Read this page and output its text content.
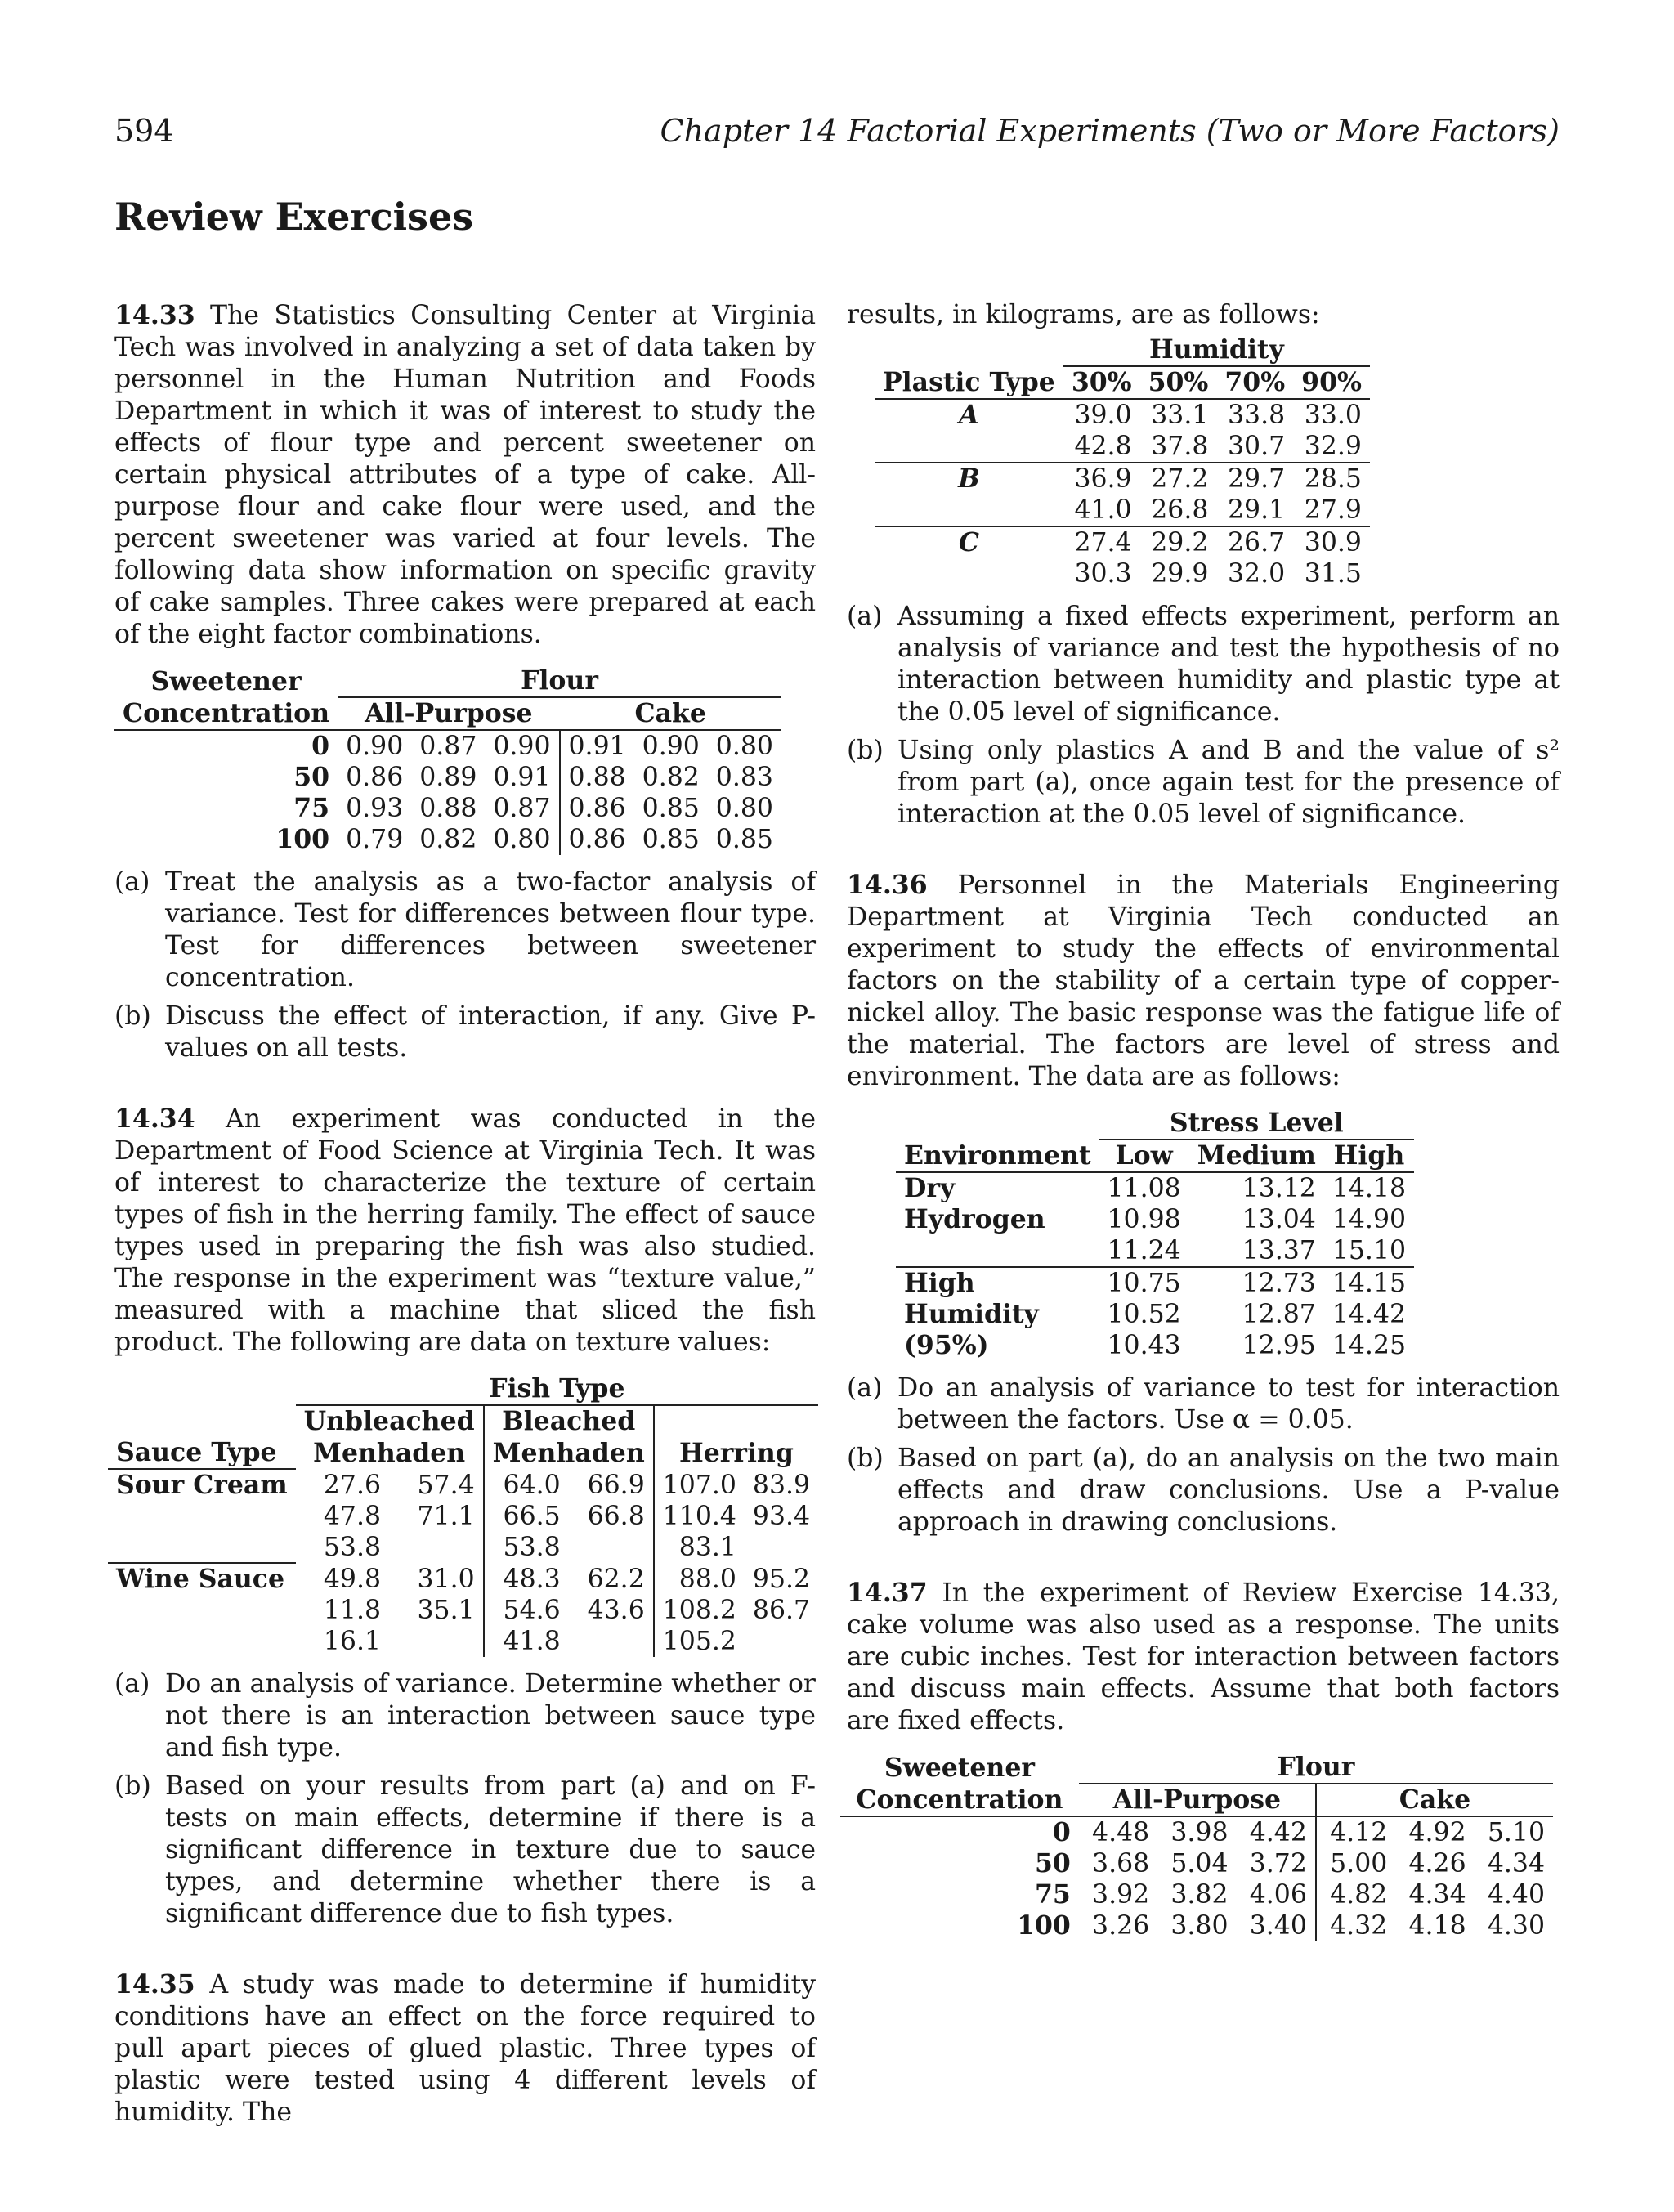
594	Chapter 14 Factorial Experiments (Two or More Factors)
Review Exercises

14.33 The Statistics Consulting Center at Virginia Tech was involved in analyzing a set of data taken by personnel in the Human Nutrition and Foods Department in which it was of interest to study the effects of flour type and percent sweetener on certain physical attributes of a type of cake. All-purpose flour and cake flour were used, and the percent sweetener was varied at four levels. The following data show information on specific gravity of cake samples. Three cakes were prepared at each of the eight factor combinations.

Sweetener	Flour					
Concentration	All-Purpose			Cake		
0	0.90	0.87	0.90	0.91	0.90	0.80
50	0.86	0.89	0.91	0.88	0.82	0.83
75	0.93	0.88	0.87	0.86	0.85	0.80
100	0.79	0.82	0.80	0.86	0.85	0.85
(a) Treat the analysis as a two-factor analysis of variance. Test for differences between flour type. Test for differences between sweetener concentration.
(b) Discuss the effect of interaction, if any. Give P-values on all tests.

14.34 An experiment was conducted in the Department of Food Science at Virginia Tech. It was of interest to characterize the texture of certain types of fish in the herring family. The effect of sauce types used in preparing the fish was also studied. The response in the experiment was “texture value,” measured with a machine that sliced the fish product. The following are data on texture values:

	Fish Type					
	Unbleached		Bleached			
Sauce Type	Menhaden		Menhaden		Herring	
Sour Cream	27.6	57.4	64.0	66.9	107.0	83.9
	47.8	71.1	66.5	66.8	110.4	93.4
	53.8		53.8		83.1	
Wine Sauce	49.8	31.0	48.3	62.2	88.0	95.2
	11.8	35.1	54.6	43.6	108.2	86.7
	16.1		41.8		105.2	
(a) Do an analysis of variance. Determine whether or not there is an interaction between sauce type and fish type.
(b) Based on your results from part (a) and on F-tests on main effects, determine if there is a significant difference in texture due to sauce types, and determine whether there is a significant difference due to fish types.

14.35 A study was made to determine if humidity conditions have an effect on the force required to pull apart pieces of glued plastic. Three types of plastic were tested using 4 different levels of humidity. The

results, in kilograms, are as follows:

	Humidity			
Plastic Type	30%	50%	70%	90%
A	39.0	33.1	33.8	33.0
	42.8	37.8	30.7	32.9
B	36.9	27.2	29.7	28.5
	41.0	26.8	29.1	27.9
C	27.4	29.2	26.7	30.9
	30.3	29.9	32.0	31.5
(a) Assuming a fixed effects experiment, perform an analysis of variance and test the hypothesis of no interaction between humidity and plastic type at the 0.05 level of significance.
(b) Using only plastics A and B and the value of s² from part (a), once again test for the presence of interaction at the 0.05 level of significance.

14.36 Personnel in the Materials Engineering Department at Virginia Tech conducted an experiment to study the effects of environmental factors on the stability of a certain type of copper-nickel alloy. The basic response was the fatigue life of the material. The factors are level of stress and environment. The data are as follows:

	Stress Level		
Environment	Low	Medium	High
Dry	11.08	13.12	14.18
Hydrogen	10.98	13.04	14.90
	11.24	13.37	15.10
High	10.75	12.73	14.15
Humidity	10.52	12.87	14.42
(95%)	10.43	12.95	14.25
(a) Do an analysis of variance to test for interaction between the factors. Use α = 0.05.
(b) Based on part (a), do an analysis on the two main effects and draw conclusions. Use a P-value approach in drawing conclusions.

14.37 In the experiment of Review Exercise 14.33, cake volume was also used as a response. The units are cubic inches. Test for interaction between factors and discuss main effects. Assume that both factors are fixed effects.

Sweetener	Flour					
Concentration	All-Purpose			Cake		
0	4.48	3.98	4.42	4.12	4.92	5.10
50	3.68	5.04	3.72	5.00	4.26	4.34
75	3.92	3.82	4.06	4.82	4.34	4.40
100	3.26	3.80	3.40	4.32	4.18	4.30
